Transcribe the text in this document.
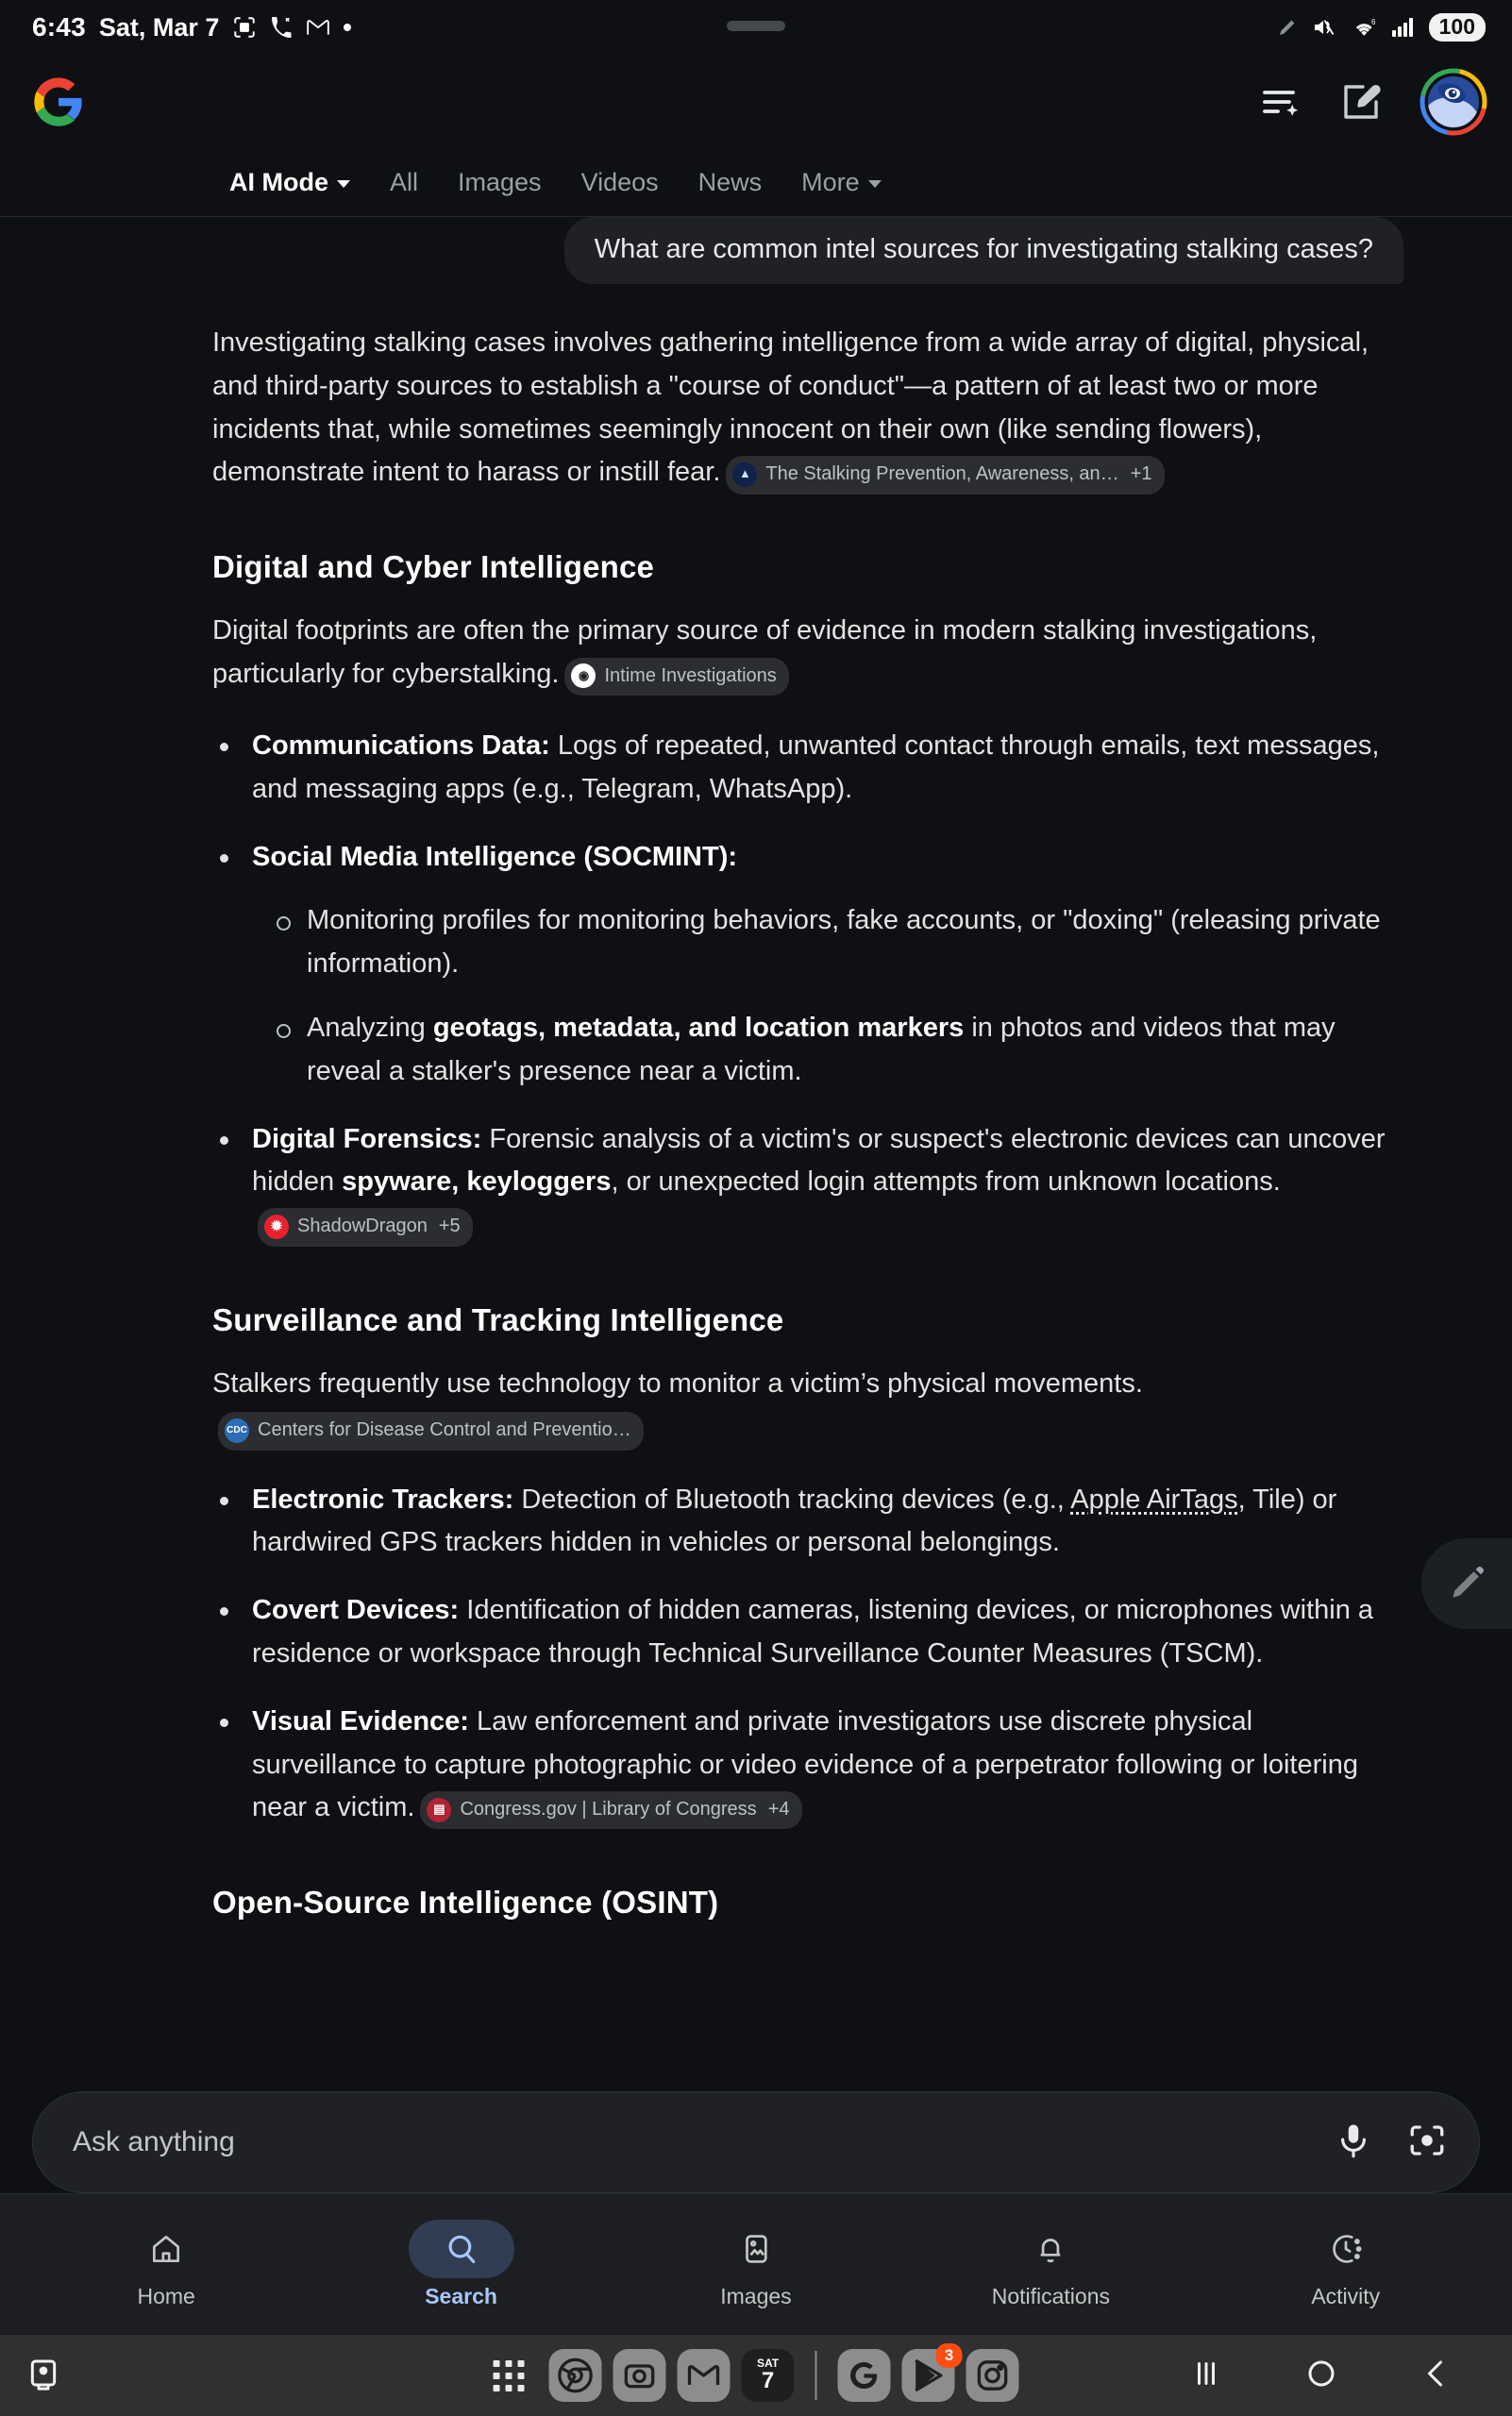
6:43 Sat, Mar 7	6	100
AI Mode All Images Videos News More
What are common intel sources for investigating stalking cases?

Investigating stalking cases involves gathering intelligence from a wide array of digital, physical, and third-party sources to establish a "course of conduct"—a pattern of at least two or more incidents that, while sometimes seemingly innocent on their own (like sending flowers), demonstrate intent to harass or instill fear.	▲ The Stalking Prevention, Awareness, an… +1

Digital and Cyber Intelligence

Digital footprints are often the primary source of evidence in modern stalking investigations, particularly for cyberstalking.	◉ Intime Investigations

Communications Data: Logs of repeated, unwanted contact through emails, text messages, and messaging apps (e.g., Telegram, WhatsApp).
Social Media Intelligence (SOCMINT):
Monitoring profiles for monitoring behaviors, fake accounts, or "doxing" (releasing private information).
Analyzing geotags, metadata, and location markers in photos and videos that may reveal a stalker's presence near a victim.
Digital Forensics: Forensic analysis of a victim's or suspect's electronic devices can uncover hidden spyware, keyloggers, or unexpected login attempts from unknown locations.
✹ ShadowDragon +5
Surveillance and Tracking Intelligence

Stalkers frequently use technology to monitor a victim’s physical movements.
CDC Centers for Disease Control and Preventio…

Electronic Trackers: Detection of Bluetooth tracking devices (e.g., Apple AirTags, Tile) or hardwired GPS trackers hidden in vehicles or personal belongings.
Covert Devices: Identification of hidden cameras, listening devices, or microphones within a residence or workspace through Technical Surveillance Counter Measures (TSCM).
Visual Evidence: Law enforcement and private investigators use discrete physical surveillance to capture photographic or video evidence of a perpetrator following or loitering near a victim.	▤ Congress.gov | Library of Congress +4
Open-Source Intelligence (OSINT)
Ask anything
Home	Search	Images	Notifications	Activity
SAT
7
3
